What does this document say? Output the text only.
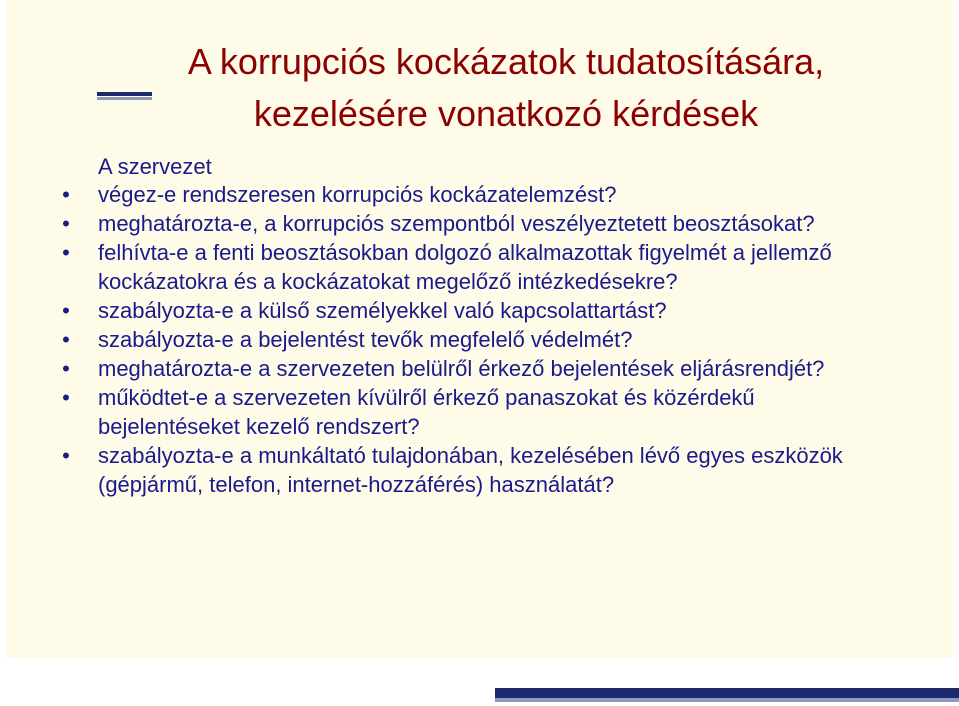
A korrupciós kockázatok tudatosítására,
kezelésére vonatkozó kérdések

A szervezet

• végez-e rendszeresen korrupciós kockázatelemzést?
• meghatározta-e, a korrupciós szempontból veszélyeztetett beosztásokat?
• felhívta-e a fenti beosztásokban dolgozó alkalmazottak figyelmét a jellemző kockázatokra és a kockázatokat megelőző intézkedésekre?
• szabályozta-e a külső személyekkel való kapcsolattartást?
• szabályozta-e a bejelentést tevők megfelelő védelmét?
• meghatározta-e a szervezeten belülről érkező bejelentések eljárásrendjét?
• működtet-e a szervezeten kívülről érkező panaszokat és közérdekű bejelentéseket kezelő rendszert?
• szabályozta-e a munkáltató tulajdonában, kezelésében lévő egyes eszközök (gépjármű, telefon, internet-hozzáférés) használatát?
